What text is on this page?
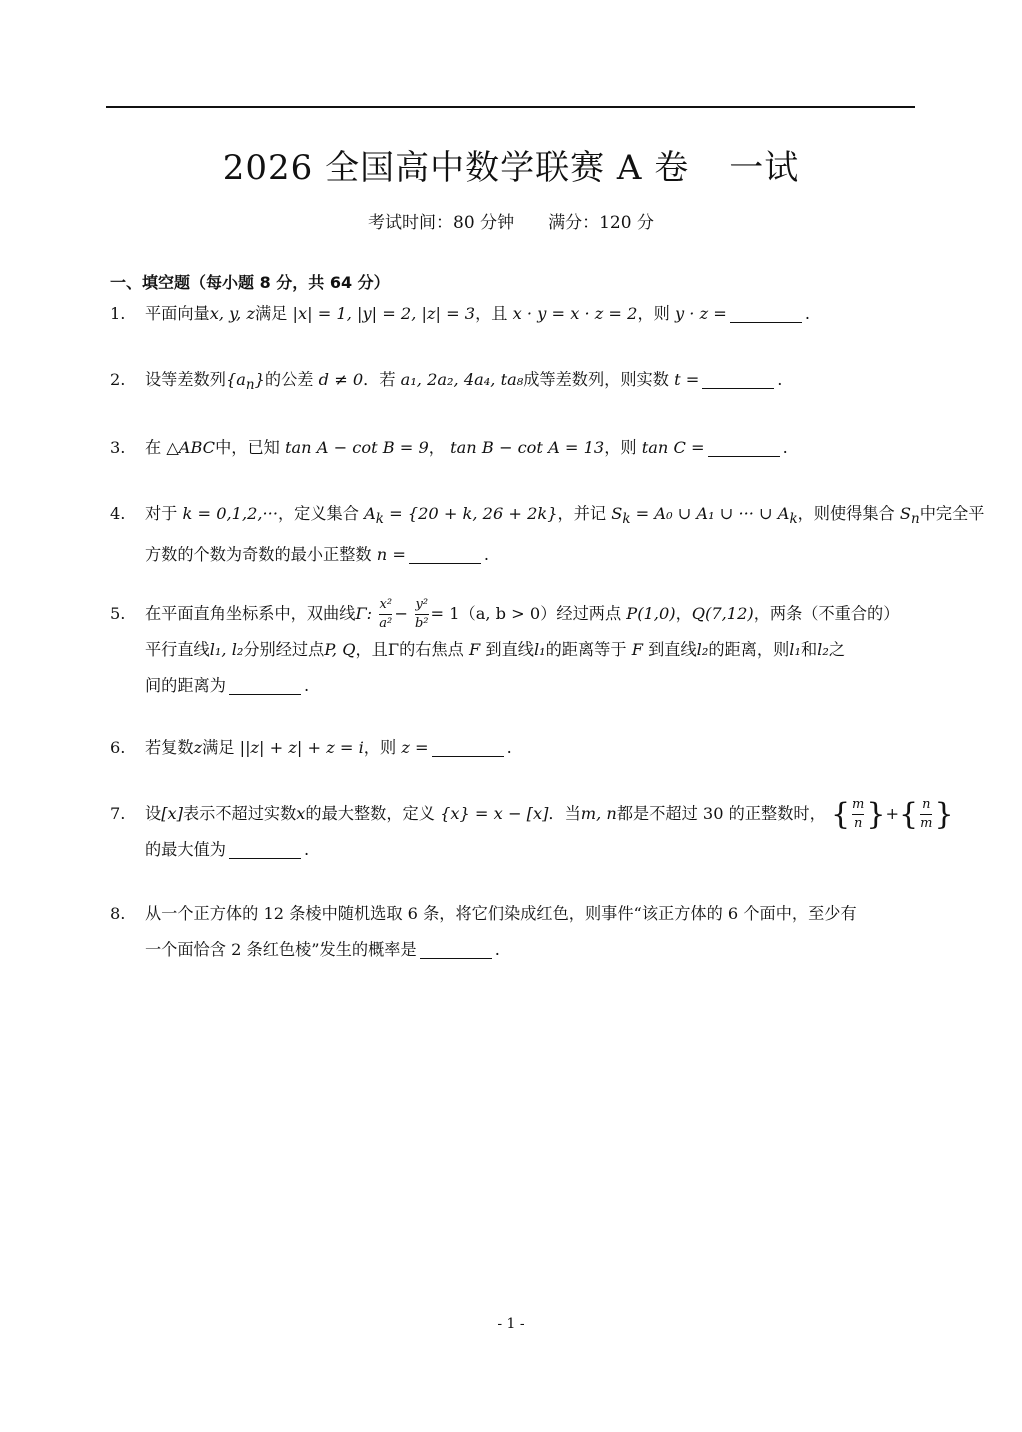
2026 全国高中数学联赛 A 卷 一试
考试时间：80 分钟 满分：120 分
一、填空题（每小题 8 分，共 64 分）
1. 平面向量x, y, z满足 |x| = 1, |y| = 2, |z| = 3，且 x · y = x · z = 2，则 y · z =	.
2. 设等差数列$\{a_n\}$的公差 d ≠ 0．若 a₁, 2a₂, 4a₄, ta₈成等差数列，则实数 t =	.
3. 在 △ABC中，已知 tan A − cot B = 9， tan B − cot A = 13，则 tan C =	.
4. 对于 k = 0,1,2,···，定义集合 $A_k = \{20 + k$, 26 + 2k}，并记 $S_k = A_0$ ∪ A₁ ∪ ··· ∪ $A_k$，则使得集合 $S_n$中完全平
方数的个数为奇数的最小正整数 n =	.
5. 在平面直角坐标系中，双曲线Γ: $\frac{\text{x²}}{\text{a²}} - \frac{\text{y²}}{\text{b²}} = 1(a$, b > 0）经过两点 P(1,0)，Q(7,12)，两条（不重合的）
平行直线l₁, l₂分别经过点P, Q，且Γ的右焦点 F 到直线l₁的距离等于 F 到直线l₂的距离，则l₁和l₂之
间的距离为	.
6. 若复数z满足 ||z| + z| + z = i，则 z =	.
7. 设[x]表示不超过实数x的最大整数，定义 {x} = x − [x]．当m, n都是不超过 30 的正整数时， { $\frac{m}{n}$ } + { $\frac{n}{m}$ }
的最大值为	.
8. 从一个正方体的 12 条棱中随机选取 6 条，将它们染成红色，则事件“该正方体的 6 个面中，至少有
一个面恰含 2 条红色棱”发生的概率是	.
- 1 -
